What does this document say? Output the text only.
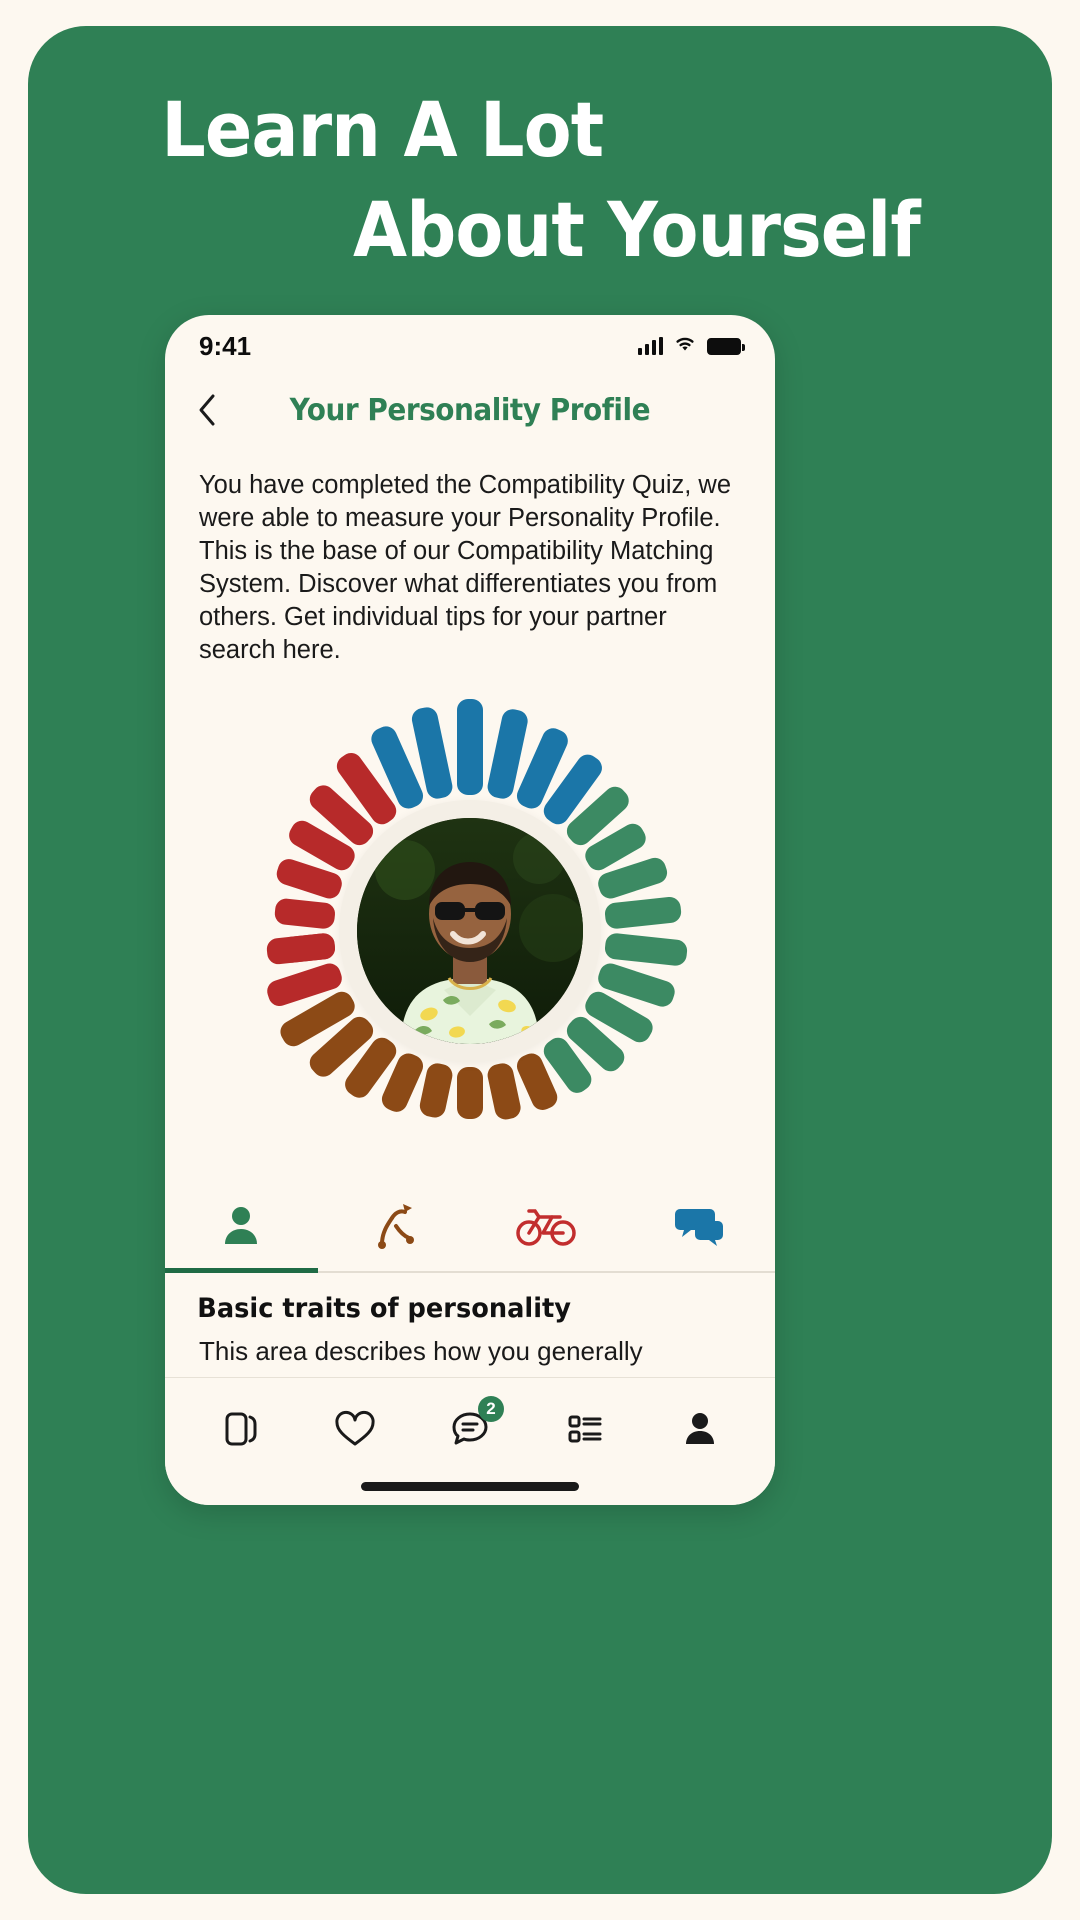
Learn A Lot
About Yourself
9:41
Your Personality Profile
You have completed the Compatibility Quiz, we were able to measure your Personality Profile. This is the base of our Compatibility Matching System. Discover what differentiates you from others. Get individual tips for your partner search here.
Basic traits of personality
This area describes how you generally
2
